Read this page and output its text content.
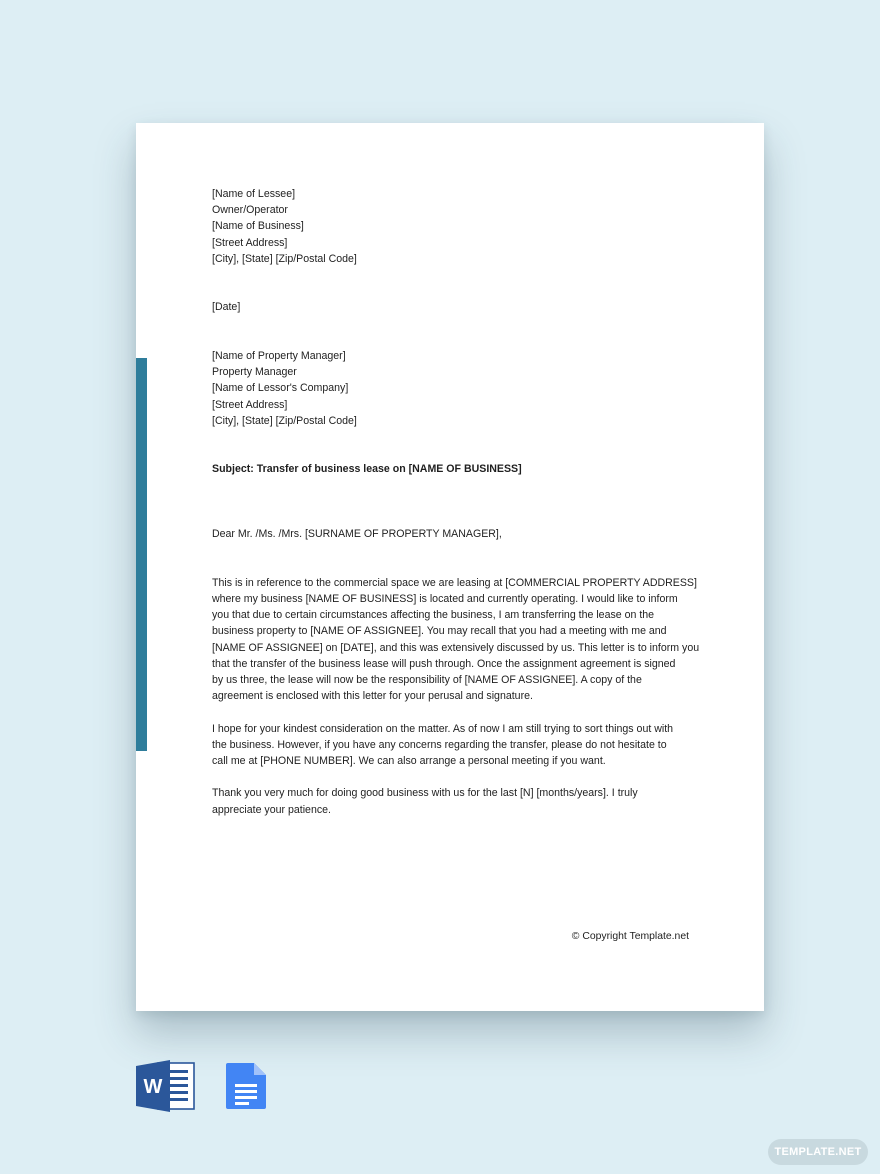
[Name of Lessee]
Owner/Operator
[Name of Business]
[Street Address]
[City], [State] [Zip/Postal Code]
[Date]
[Name of Property Manager]
Property Manager
[Name of Lessor's Company]
[Street Address]
[City], [State] [Zip/Postal Code]
Subject: Transfer of business lease on [NAME OF BUSINESS]
Dear Mr. /Ms. /Mrs. [SURNAME OF PROPERTY MANAGER],
This is in reference to the commercial space we are leasing at [COMMERCIAL PROPERTY ADDRESS]
where my business [NAME OF BUSINESS] is located and currently operating. I would like to inform
you that due to certain circumstances affecting the business, I am transferring the lease on the
business property to [NAME OF ASSIGNEE]. You may recall that you had a meeting with me and
[NAME OF ASSIGNEE] on [DATE], and this was extensively discussed by us. This letter is to inform you
that the transfer of the business lease will push through. Once the assignment agreement is signed
by us three, the lease will now be the responsibility of [NAME OF ASSIGNEE]. A copy of the
agreement is enclosed with this letter for your perusal and signature.
I hope for your kindest consideration on the matter. As of now I am still trying to sort things out with
the business. However, if you have any concerns regarding the transfer, please do not hesitate to
call me at [PHONE NUMBER]. We can also arrange a personal meeting if you want.
Thank you very much for doing good business with us for the last [N] [months/years]. I truly
appreciate your patience.
© Copyright Template.net
W
TEMPLATE.NET
